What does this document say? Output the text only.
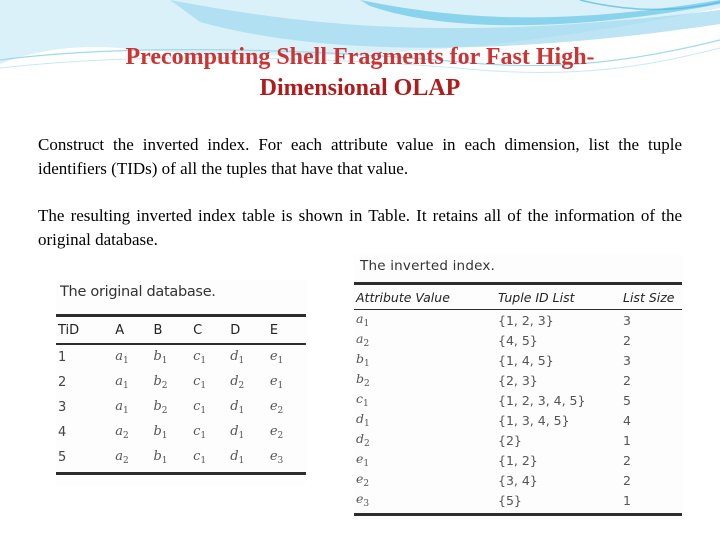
Precomputing Shell Fragments for Fast High-
Dimensional OLAP
Construct the inverted index. For each attribute value in each dimension, list the tuple identifiers (TIDs) of all the tuples that have that value.
The resulting inverted index table is shown in Table. It retains all of the information of the original database.
The original database.
TiD	A	B	C	D	E
1	$a_1$	$b_1$	$c_1$	$d_1$	$e_1$
2	$a_1$	$b_2$	$c_1$	$d_2$	$e_1$
3	$a_1$	$b_2$	$c_1$	$d_1$	$e_2$
4	$a_2$	$b_1$	$c_1$	$d_1$	$e_2$
5	$a_2$	$b_1$	$c_1$	$d_1$	$e_3$
The inverted index.
Attribute Value	Tuple ID List	List Size
$a_1$	{1, 2, 3}	3
$a_2$	{4, 5}	2
$b_1$	{1, 4, 5}	3
$b_2$	{2, 3}	2
$c_1$	{1, 2, 3, 4, 5}	5
$d_1$	{1, 3, 4, 5}	4
$d_2$	{2}	1
$e_1$	{1, 2}	2
$e_2$	{3, 4}	2
$e_3$	{5}	1
